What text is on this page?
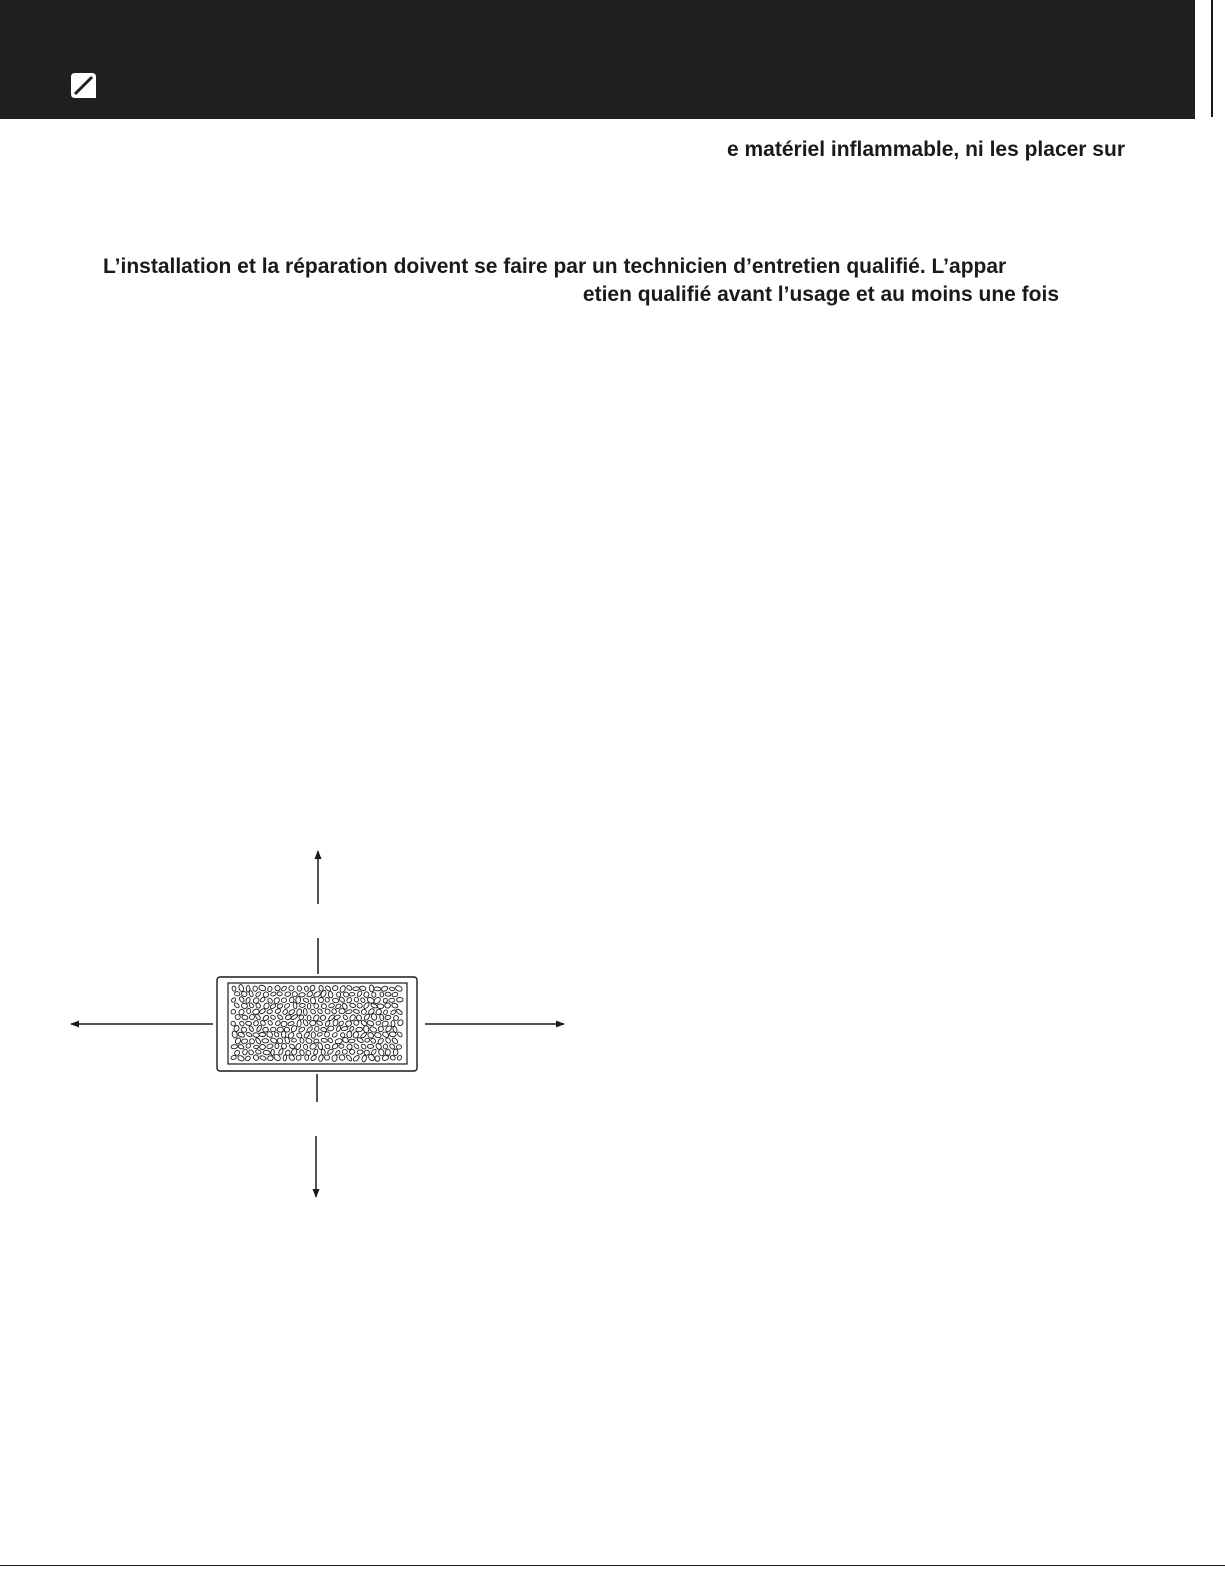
e matériel inflammable, ni les placer sur

L’installation et la réparation doivent se faire par un technicien d’entretien qualifié. L’appar

etien qualifié avant l’usage et au moins une fois
